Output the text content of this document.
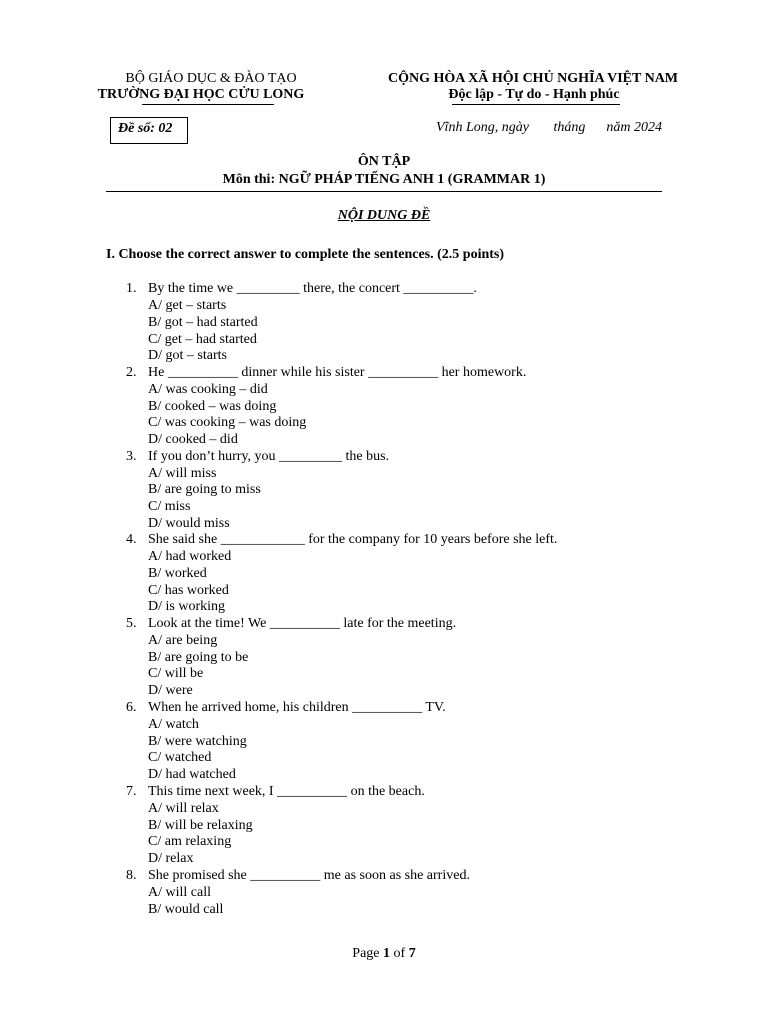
BỘ GIÁO DỤC & ĐÀO TẠO
TRƯỜNG ĐẠI HỌC CỬU LONG
CỘNG HÒA XÃ HỘI CHỦ NGHĨA VIỆT NAM
Độc lập - Tự do - Hạnh phúc
Đề số: 02	Vĩnh Long, ngày       tháng      năm 2024
ÔN TẬP
Môn thi: NGỮ PHÁP TIẾNG ANH 1 (GRAMMAR 1)
NỘI DUNG ĐỀ
I. Choose the correct answer to complete the sentences. (2.5 points)
1. By the time we _________ there, the concert __________.
A/ get – starts
B/ got – had started
C/ get – had started
D/ got – starts
2. He __________ dinner while his sister __________ her homework.
A/ was cooking – did
B/ cooked – was doing
C/ was cooking – was doing
D/ cooked – did
3. If you don’t hurry, you _________ the bus.
A/ will miss
B/ are going to miss
C/ miss
D/ would miss
4. She said she ____________ for the company for 10 years before she left.
A/ had worked
B/ worked
C/ has worked
D/ is working
5. Look at the time! We __________ late for the meeting.
A/ are being
B/ are going to be
C/ will be
D/ were
6. When he arrived home, his children __________ TV.
A/ watch
B/ were watching
C/ watched
D/ had watched
7. This time next week, I __________ on the beach.
A/ will relax
B/ will be relaxing
C/ am relaxing
D/ relax
8. She promised she __________ me as soon as she arrived.
A/ will call
B/ would call
Page 1 of 7
